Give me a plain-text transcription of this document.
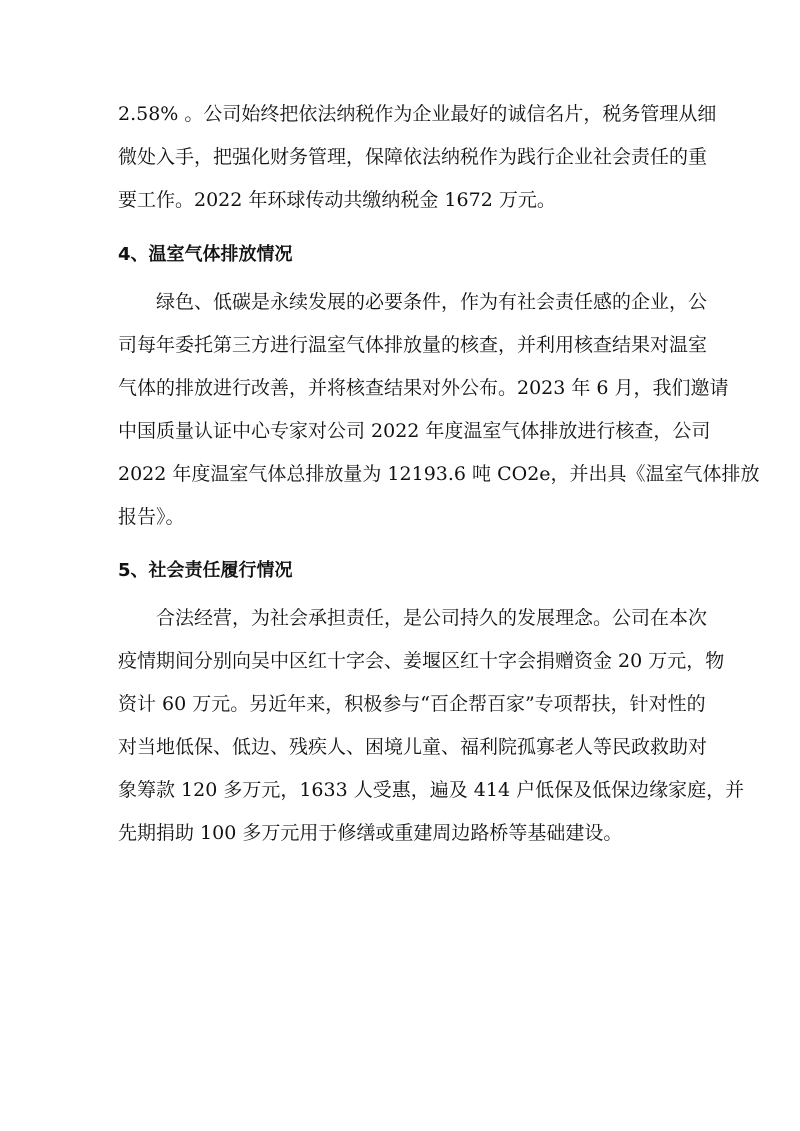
2.58% 。公司始终把依法纳税作为企业最好的诚信名片，税务管理从细
微处入手，把强化财务管理，保障依法纳税作为践行企业社会责任的重
要工作。2022 年环球传动共缴纳税金 1672 万元。
4、温室气体排放情况
绿色、低碳是永续发展的必要条件，作为有社会责任感的企业，公
司每年委托第三方进行温室气体排放量的核查，并利用核查结果对温室
气体的排放进行改善，并将核查结果对外公布。2023 年 6 月，我们邀请
中国质量认证中心专家对公司 2022 年度温室气体排放进行核查，公司
2022 年度温室气体总排放量为 12193.6 吨 CO2e，并出具《温室气体排放
报告》。
5、社会责任履行情况
合法经营，为社会承担责任，是公司持久的发展理念。公司在本次
疫情期间分别向吴中区红十字会、姜堰区红十字会捐赠资金 20 万元，物
资计 60 万元。另近年来，积极参与“百企帮百家”专项帮扶，针对性的
对当地低保、低边、残疾人、困境儿童、福利院孤寡老人等民政救助对
象筹款 120 多万元，1633 人受惠，遍及 414 户低保及低保边缘家庭，并
先期捐助 100 多万元用于修缮或重建周边路桥等基础建设。
